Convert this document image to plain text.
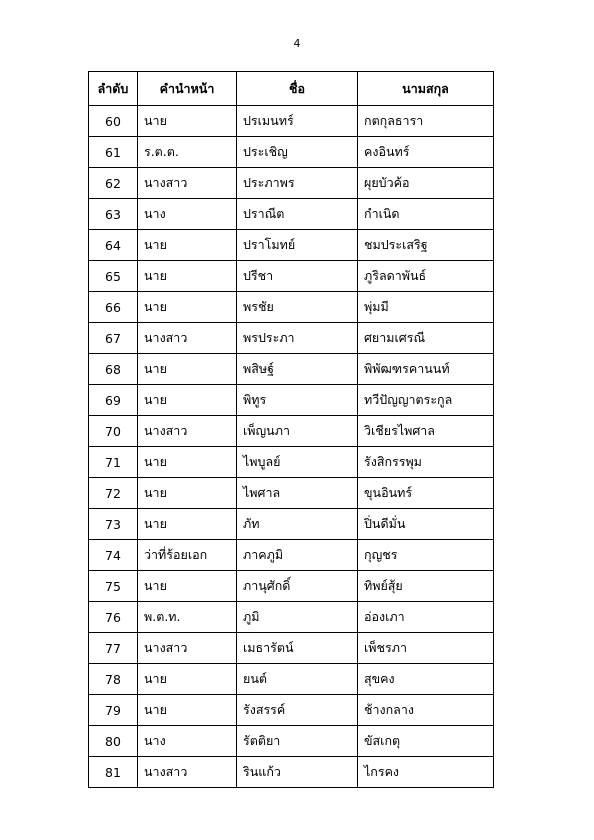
4
ลำดับ	คำนำหน้า	ชื่อ	นามสกุล
60	นาย	ปรเมนทร์	กตกุลธารา
61	ร.ต.ต.	ประเชิญ	คงอินทร์
62	นางสาว	ประภาพร	ผุยบัวค้อ
63	นาง	ปราณีต	กำเนิด
64	นาย	ปราโมทย์	ชมประเสริฐ
65	นาย	ปรีชา	ภูริลดาพันธ์
66	นาย	พรชัย	พุ่มมี
67	นางสาว	พรประภา	ศยามเศรณี
68	นาย	พสิษฐ์	พิพัฒฑรคานนท์
69	นาย	พิทูร	ทวีปัญญาตระกูล
70	นางสาว	เพ็ญนภา	วิเชียรไพศาล
71	นาย	ไพบูลย์	รังสิกรรพุม
72	นาย	ไพศาล	ขุนอินทร์
73	นาย	ภัท	ปิ่นดีมั่น
74	ว่าที่ร้อยเอก	ภาคภูมิ	กุญชร
75	นาย	ภานุศักดิ์	ทิพย์สุ้ย
76	พ.ต.ท.	ภูมิ	อ่องเภา
77	นางสาว	เมธารัตน์	เพ็ชรภา
78	นาย	ยนต์	สุขคง
79	นาย	รังสรรค์	ช้างกลาง
80	นาง	รัตติยา	ขัสเกตุ
81	นางสาว	รินแก้ว	ไกรคง
